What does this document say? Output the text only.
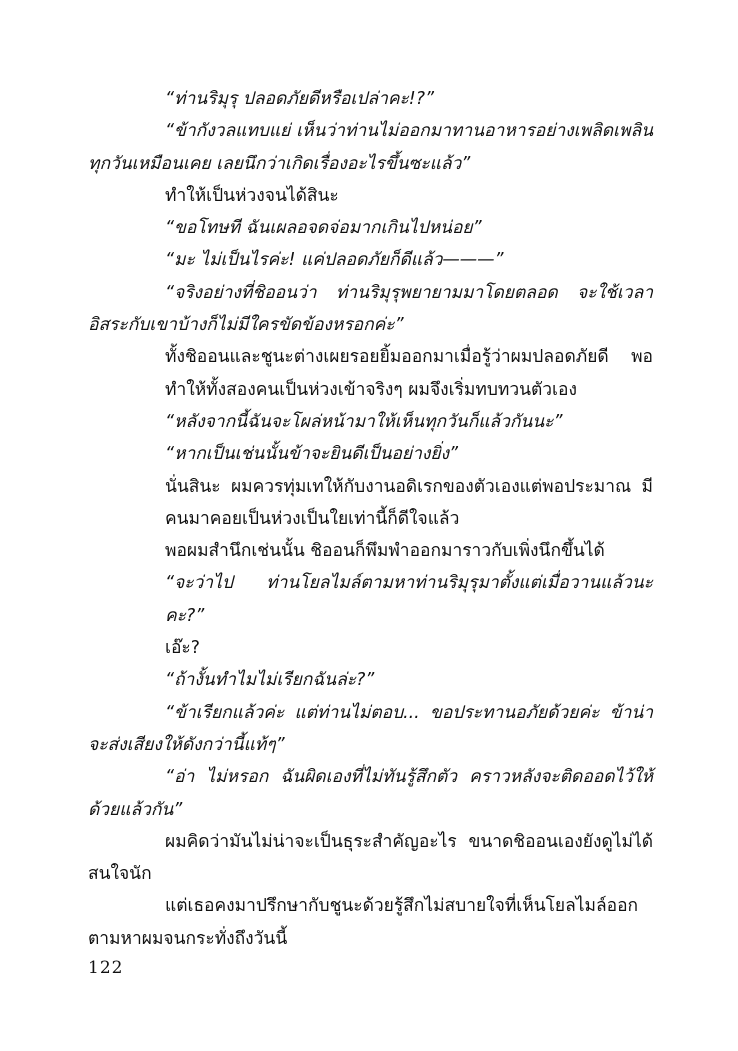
“ท่านริมุรุ ปลอดภัยดีหรือเปล่าคะ!?”

“ข้ากังวลแทบแย่ เห็นว่าท่านไม่ออกมาทานอาหารอย่างเพลิดเพลินทุกวันเหมือนเคย เลยนึกว่าเกิดเรื่องอะไรขึ้นซะแล้ว”

ทำให้เป็นห่วงจนได้สินะ

“ขอโทษที ฉันเผลอจดจ่อมากเกินไปหน่อย”

“มะ ไม่เป็นไรค่ะ! แค่ปลอดภัยก็ดีแล้ว———”

“จริงอย่างที่ชิออนว่า ท่านริมุรุพยายามมาโดยตลอด จะใช้เวลาอิสระกับเขาบ้างก็ไม่มีใครขัดข้องหรอกค่ะ”

ทั้งชิออนและชูนะต่างเผยรอยยิ้มออกมาเมื่อรู้ว่าผมปลอดภัยดี พอทำให้ทั้งสองคนเป็นห่วงเข้าจริงๆ ผมจึงเริ่มทบทวนตัวเอง

“หลังจากนี้ฉันจะโผล่หน้ามาให้เห็นทุกวันก็แล้วกันนะ”

“หากเป็นเช่นนั้นข้าจะยินดีเป็นอย่างยิ่ง”

นั่นสินะ ผมควรทุ่มเทให้กับงานอดิเรกของตัวเองแต่พอประมาณ มีคนมาคอยเป็นห่วงเป็นใยเท่านี้ก็ดีใจแล้ว

พอผมสำนึกเช่นนั้น ชิออนก็พึมพำออกมาราวกับเพิ่งนึกขึ้นได้

“จะว่าไป ท่านโยลไมล์ตามหาท่านริมุรุมาตั้งแต่เมื่อวานแล้วนะคะ?”

เอ๊ะ?

“ถ้างั้นทำไมไม่เรียกฉันล่ะ?”

“ข้าเรียกแล้วค่ะ แต่ท่านไม่ตอบ... ขอประทานอภัยด้วยค่ะ ข้าน่าจะส่งเสียงให้ดังกว่านี้แท้ๆ”

“อ่า ไม่หรอก ฉันผิดเองที่ไม่ทันรู้สึกตัว คราวหลังจะติดออดไว้ให้ด้วยแล้วกัน”

ผมคิดว่ามันไม่น่าจะเป็นธุระสำคัญอะไร ขนาดชิออนเองยังดูไม่ได้สนใจนัก

แต่เธอคงมาปรึกษากับชูนะด้วยรู้สึกไม่สบายใจที่เห็นโยลไมล์ออกตามหาผมจนกระทั่งถึงวันนี้

122
